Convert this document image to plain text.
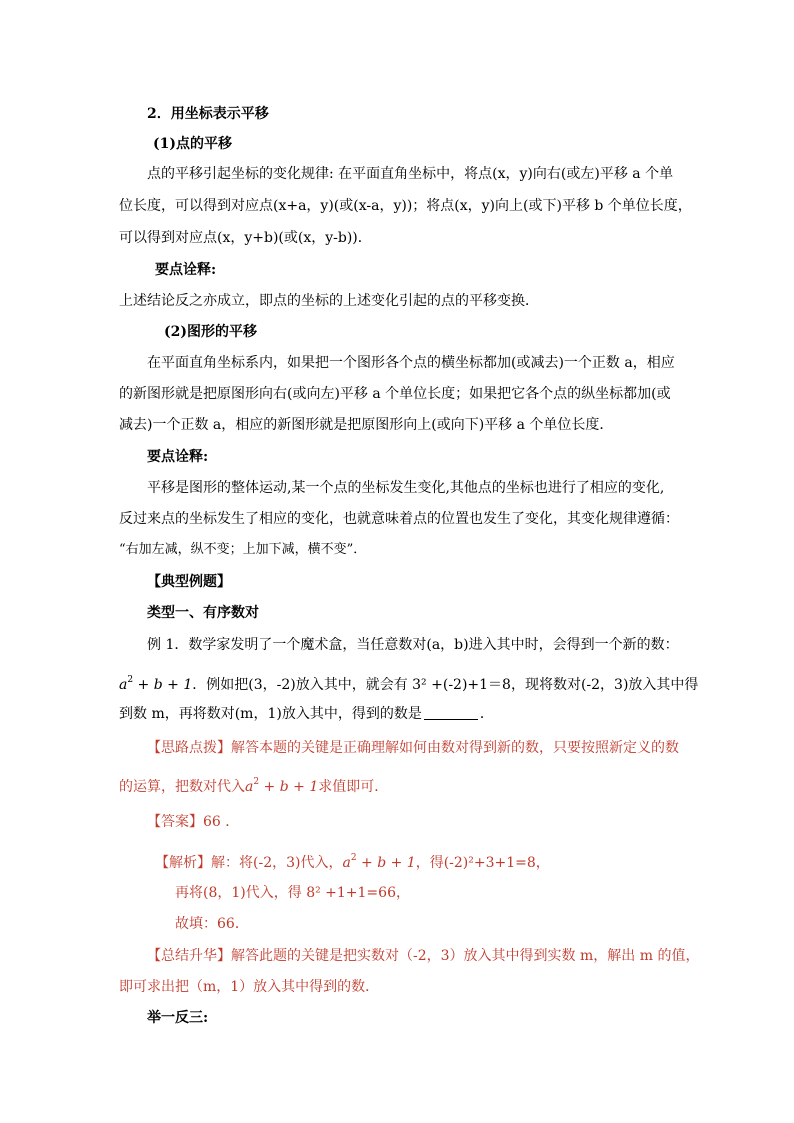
2．用坐标表示平移
(1)点的平移
点的平移引起坐标的变化规律: 在平面直角坐标中，将点(x，y)向右(或左)平移 a 个单
位长度，可以得到对应点(x+a，y)(或(x-a，y))；将点(x，y)向上(或下)平移 b 个单位长度，
可以得到对应点(x，y+b)(或(x，y-b))．
要点诠释:
上述结论反之亦成立，即点的坐标的上述变化引起的点的平移变换．
(2)图形的平移
在平面直角坐标系内，如果把一个图形各个点的横坐标都加(或减去)一个正数 a，相应
的新图形就是把原图形向右(或向左)平移 a 个单位长度；如果把它各个点的纵坐标都加(或
减去)一个正数 a，相应的新图形就是把原图形向上(或向下)平移 a 个单位长度．
要点诠释:
平移是图形的整体运动,某一个点的坐标发生变化,其他点的坐标也进行了相应的变化,
反过来点的坐标发生了相应的变化，也就意味着点的位置也发生了变化，其变化规律遵循：
“右加左减，纵不变；上加下减，横不变”．
【典型例题】
类型一、有序数对
例 1．数学家发明了一个魔术盒，当任意数对(a，b)进入其中时，会得到一个新的数：
$a^2 + b + 1$．例如把(3，-2)放入其中，就会有 3² +(-2)+1＝8，现将数对(-2，3)放入其中得
到数 m，再将数对(m，1)放入其中，得到的数是	．
【思路点拨】解答本题的关键是正确理解如何由数对得到新的数，只要按照新定义的数
的运算，把数对代入$a^2 + b + 1$求值即可．
【答案】66 ．
【解析】解：将(-2，3)代入，$a^2 + b + 1$，得(-2)²+3+1=8，
再将(8，1)代入，得 8² +1+1=66，
故填：66．
【总结升华】解答此题的关键是把实数对（-2，3）放入其中得到实数 m，解出 m 的值，
即可求出把（m，1）放入其中得到的数．
举一反三:
